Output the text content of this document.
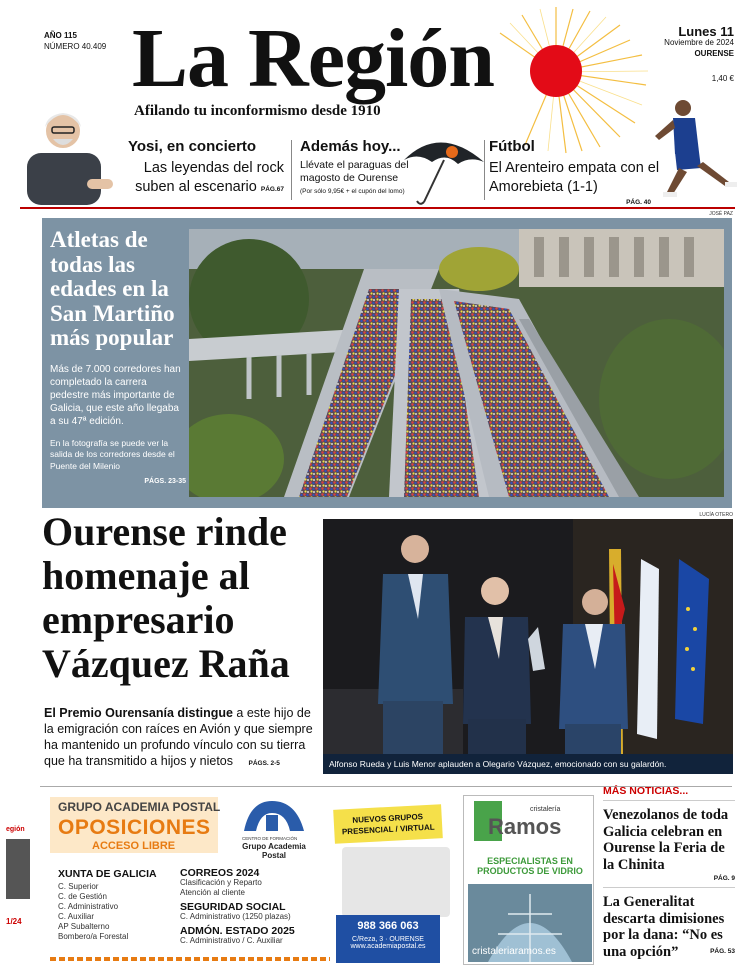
AÑO 115
NÚMERO 40.409 La Región
Afilando tu inconformismo desde 1910
Lunes 11
Noviembre de 2024
OURENSE
1,40 €
Yosi, en concierto
Las leyendas del rock suben al escenario PÁG.67
Además hoy...
Llévate el paraguas del magosto de Ourense
(Por sólo 9,95€ + el cupón del lomo)
Fútbol
El Arenteiro empata con el Amorebieta (1-1)
PÁG. 40
JOSÉ PAZ
Atletas de todas las edades en la San Martiño más popular
Más de 7.000 corredores han completado la carrera pedestre más importante de Galicia, que este año llegaba a su 47ª edición.
En la fotografía se puede ver la salida de los corredores desde el Puente del Milenio
PÁGS. 23-35
Ourense rinde homenaje al empresario Vázquez Raña
El Premio Ourensanía distingue a este hijo de la emigración con raíces en Avión y que siempre ha mantenido un profundo vínculo con su tierra que ha transmitido a hijos y nietos PÁGS. 2-5
LUCÍA OTERO
Alfonso Rueda y Luis Menor aplauden a Olegario Vázquez, emocionado con su galardón.
egión
1/24
GRUPO ACADEMIA POSTAL
OPOSICIONES
ACCESO LIBRE
CENTRO DE FORMACIÓN
Grupo Academia Postal
NUEVOS GRUPOS PRESENCIAL / VIRTUAL
XUNTA DE GALICIA
C. Superior
C. de Gestión
C. Administrativo
C. Auxiliar
AP Subalterno
Bombero/a Forestal
CORREOS 2024
Clasificación y Reparto
Atención al cliente
SEGURIDAD SOCIAL
C. Administrativo (1250 plazas)
ADMÓN. ESTADO 2025
C. Administrativo / C. Auxiliar
988 366 063
C/Reza, 3 · OURENSE
www.academiapostal.es
cristalería
Ramos
ESPECIALISTAS EN PRODUCTOS DE VIDRIO
cristaleriaramos.es
MÁS NOTICIAS...
Venezolanos de toda Galicia celebran en Ourense la Feria de la Chinita
PÁG. 9
La Generalitat descarta dimisiones por la dana: “No es una opción”	PÁG. 53
